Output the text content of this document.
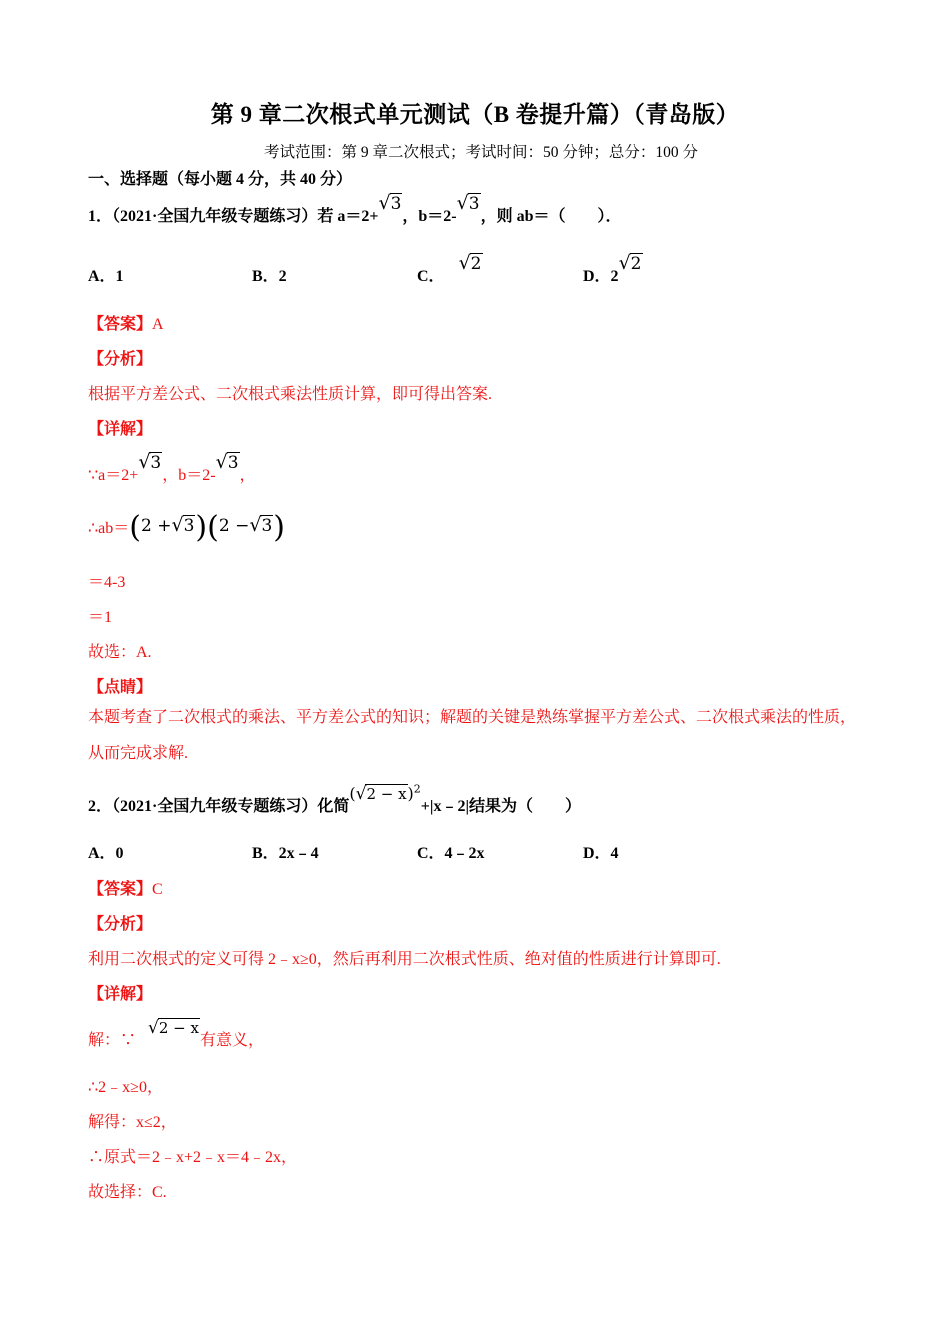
第 9 章二次根式单元测试（B 卷提升篇）（青岛版）
考试范围：第 9 章二次根式；考试时间：50 分钟；总分：100 分
一、选择题（每小题 4 分，共 40 分）
1．（2021·全国九年级专题练习）若 a＝2+√3，b＝2-√3，则 ab＝（　　）．
A．1	B．2	C．√2
D．2√2
【答案】A
【分析】
根据平方差公式、二次根式乘法性质计算，即可得出答案.
【详解】
∵a＝2+√3，b＝2-√3，
∴ab＝(2 +√3)(2 −√3)
＝4-3
＝1
故选：A.
【点睛】
本题考查了二次根式的乘法、平方差公式的知识；解题的关键是熟练掌握平方差公式、二次根式乘法的性质，从而完成求解.
2．（2021·全国九年级专题练习）化简$(√2 - x)^2+|x﹣2|$结果为（　　）
A．0	B．2x﹣4	C．4﹣2x	D．4
【答案】C
【分析】
利用二次根式的定义可得 2﹣x≥0，然后再利用二次根式性质、绝对值的性质进行计算即可.
【详解】
解：∵√2 − x有意义，
∴2﹣x≥0，
解得：x≤2，
∴原式＝2﹣x+2﹣x＝4﹣2x，
故选择：C.
